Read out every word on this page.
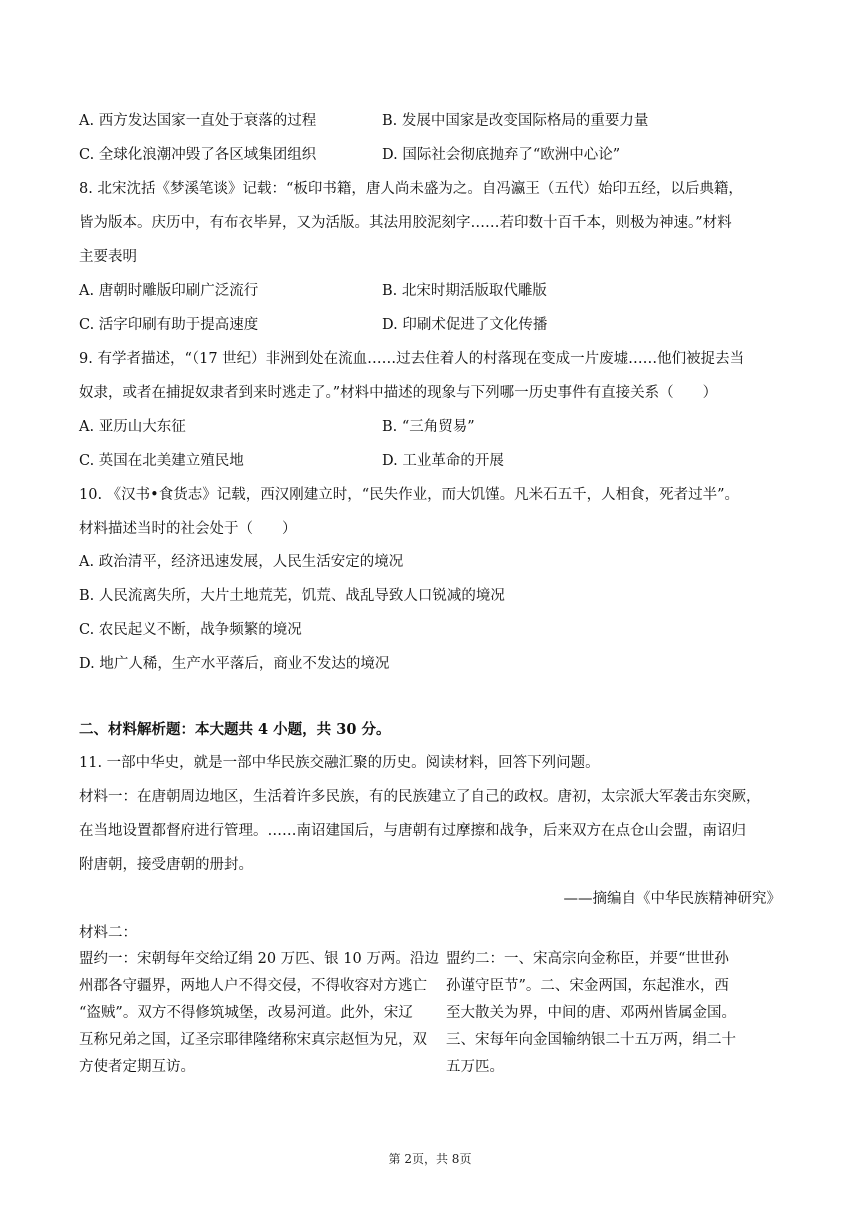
A. 西方发达国家一直处于衰落的过程	B. 发展中国家是改变国际格局的重要力量
C. 全球化浪潮冲毁了各区域集团组织	D. 国际社会彻底抛弃了“欧洲中心论”
8. 北宋沈括《梦溪笔谈》记载：“板印书籍，唐人尚未盛为之。自冯瀛王（五代）始印五经，以后典籍，
皆为版本。庆历中，有布衣毕昇，又为活版。其法用胶泥刻字……若印数十百千本，则极为神速。”材料
主要表明
A. 唐朝时雕版印刷广泛流行	B. 北宋时期活版取代雕版
C. 活字印刷有助于提高速度	D. 印刷术促进了文化传播
9. 有学者描述，“（17 世纪）非洲到处在流血……过去住着人的村落现在变成一片废墟……他们被捉去当
奴隶，或者在捕捉奴隶者到来时逃走了。”材料中描述的现象与下列哪一历史事件有直接关系（　　）
A. 亚历山大东征	B. “三角贸易”
C. 英国在北美建立殖民地	D. 工业革命的开展
10. 《汉书•食货志》记载，西汉刚建立时，“民失作业，而大饥馑。凡米石五千，人相食，死者过半”。
材料描述当时的社会处于（　　）
A. 政治清平，经济迅速发展，人民生活安定的境况
B. 人民流离失所，大片土地荒芜，饥荒、战乱导致人口锐减的境况
C. 农民起义不断，战争频繁的境况
D. 地广人稀，生产水平落后，商业不发达的境况
二、材料解析题：本大题共 4 小题，共 30 分。
11. 一部中华史，就是一部中华民族交融汇聚的历史。阅读材料，回答下列问题。
材料一：在唐朝周边地区，生活着许多民族，有的民族建立了自己的政权。唐初，太宗派大军袭击东突厥，
在当地设置都督府进行管理。……南诏建国后，与唐朝有过摩擦和战争，后来双方在点仓山会盟，南诏归
附唐朝，接受唐朝的册封。
——摘编自《中华民族精神研究》
材料二：
盟约一：宋朝每年交给辽绢 20 万匹、银 10 万两。沿边
州郡各守疆界，两地人户不得交侵，不得收容对方逃亡
“盗贼”。双方不得修筑城堡，改易河道。此外，宋辽
互称兄弟之国，辽圣宗耶律隆绪称宋真宗赵恒为兄，双
方使者定期互访。
盟约二：一、宋高宗向金称臣，并要“世世孙
孙谨守臣节”。二、宋金两国，东起淮水，西
至大散关为界，中间的唐、邓两州皆属金国。
三、宋每年向金国输纳银二十五万两，绢二十
五万匹。
第 2页，共 8页
